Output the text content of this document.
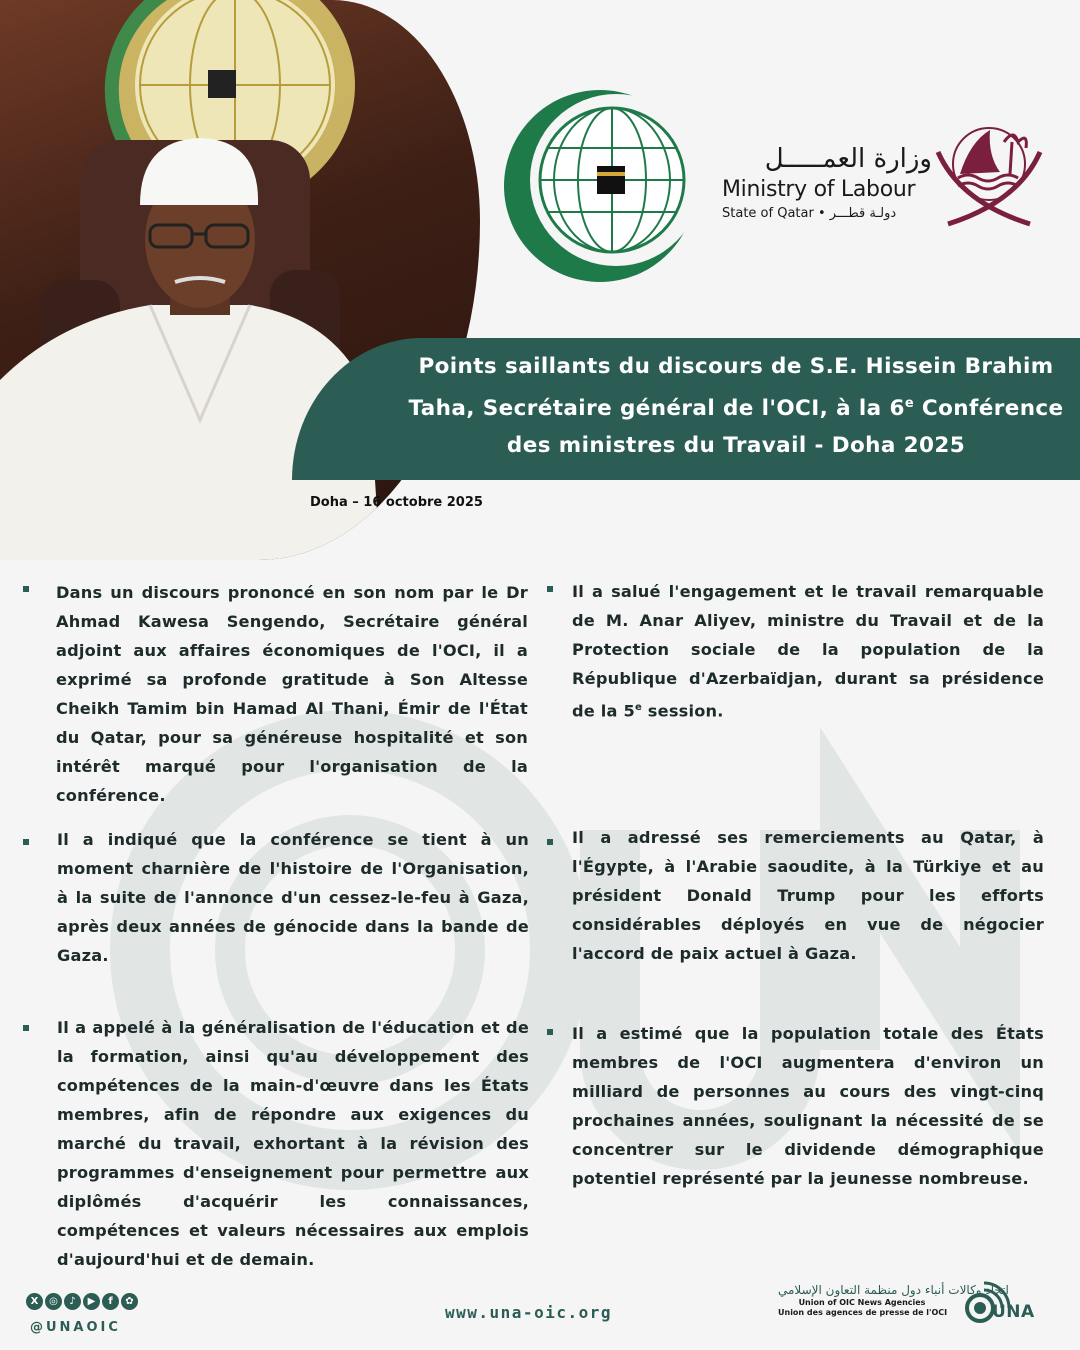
وزارة العمـــــل
Ministry of Labour
State of Qatar • دولـة قطـــر
Points saillants du discours de S.E. Hissein Brahim Taha, Secrétaire général de l'OCI, à la 6e Conférence des ministres du Travail - Doha 2025
Doha – 16 octobre 2025
Dans un discours prononcé en son nom par le Dr Ahmad Kawesa Sengendo, Secrétaire général adjoint aux affaires économiques de l'OCI, il a exprimé sa profonde gratitude à Son Altesse Cheikh Tamim bin Hamad Al Thani, Émir de l'État du Qatar, pour sa généreuse hospitalité et son intérêt marqué pour l'organisation de la conférence.
Il a indiqué que la conférence se tient à un moment charnière de l'histoire de l'Organisation, à la suite de l'annonce d'un cessez-le-feu à Gaza, après deux années de génocide dans la bande de Gaza.
Il a appelé à la généralisation de l'éducation et de la formation, ainsi qu'au développement des compétences de la main-d'œuvre dans les États membres, afin de répondre aux exigences du marché du travail, exhortant à la révision des programmes d'enseignement pour permettre aux diplômés d'acquérir les connaissances, compétences et valeurs nécessaires aux emplois d'aujourd'hui et de demain.
Il a salué l'engagement et le travail remarquable de M. Anar Aliyev, ministre du Travail et de la Protection sociale de la population de la République d'Azerbaïdjan, durant sa présidence de la 5e session.
Il a adressé ses remerciements au Qatar, à l'Égypte, à l'Arabie saoudite, à la Türkiye et au président Donald Trump pour les efforts considérables déployés en vue de négocier l'accord de paix actuel à Gaza.
Il a estimé que la population totale des États membres de l'OCI augmentera d'environ un milliard de personnes au cours des vingt-cinq prochaines années, soulignant la nécessité de se concentrer sur le dividende démographique potentiel représenté par la jeunesse nombreuse.
X	◎	♪	▶	f	✿
@UNAOIC
www.una-oic.org
اتحاد وكالات أنباء دول منظمة التعاون الإسلامي
Union of OIC News Agencies
Union des agences de presse de l'OCI	UNA
